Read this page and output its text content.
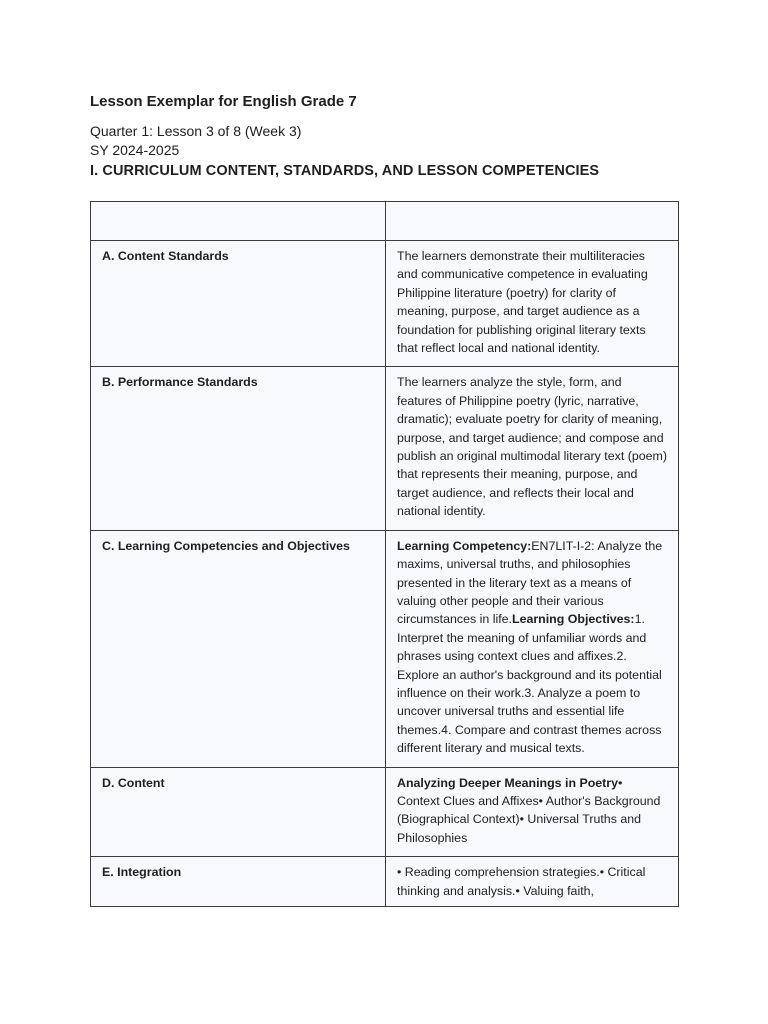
Lesson Exemplar for English Grade 7

Quarter 1: Lesson 3 of 8 (Week 3)

SY 2024-2025

I. CURRICULUM CONTENT, STANDARDS, AND LESSON COMPETENCIES

A. Content Standards	The learners demonstrate their multiliteracies and communicative competence in evaluating Philippine literature (poetry) for clarity of meaning, purpose, and target audience as a foundation for publishing original literary texts that reflect local and national identity.
B. Performance Standards	The learners analyze the style, form, and features of Philippine poetry (lyric, narrative, dramatic); evaluate poetry for clarity of meaning, purpose, and target audience; and compose and publish an original multimodal literary text (poem) that represents their meaning, purpose, and target audience, and reflects their local and national identity.
C. Learning Competencies and Objectives	Learning Competency:EN7LIT-I-2: Analyze the maxims, universal truths, and philosophies presented in the literary text as a means of valuing other people and their various circumstances in life.Learning Objectives:1. Interpret the meaning of unfamiliar words and phrases using context clues and affixes.2. Explore an author's background and its potential influence on their work.3. Analyze a poem to uncover universal truths and essential life themes.4. Compare and contrast themes across different literary and musical texts.
D. Content	Analyzing Deeper Meanings in Poetry• Context Clues and Affixes• Author's Background (Biographical Context)• Universal Truths and Philosophies
E. Integration	• Reading comprehension strategies.• Critical thinking and analysis.• Valuing faith,
